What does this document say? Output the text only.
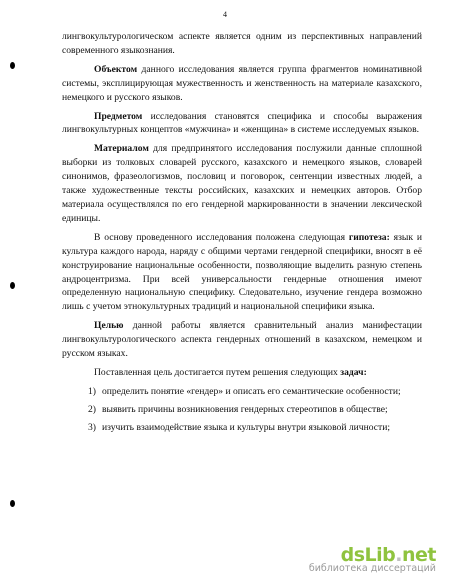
4

лингвокультурологическом аспекте является одним из перспективных направлений современного языкознания.

Объектом данного исследования является группа фрагментов номинативной системы, эксплицирующая мужественность и женственность на материале казахского, немецкого и русского языков.

Предметом исследования становятся специфика и способы выражения лингвокультурных концептов «мужчина» и «женщина» в системе исследуемых языков.

Материалом для предпринятого исследования послужили данные сплошной выборки из толковых словарей русского, казахского и немецкого языков, словарей синонимов, фразеологизмов, пословиц и поговорок, сентенции известных людей, а также художественные тексты российских, казахских и немецких авторов. Отбор материала осуществлялся по его гендерной маркированности в значении лексической единицы.

В основу проведенного исследования положена следующая гипотеза: язык и культура каждого народа, наряду с общими чертами гендерной специфики, вносят в её конструирование национальные особенности, позволяющие выделить разную степень андроцентризма. При всей универсальности гендерные отношения имеют определенную национальную специфику. Следовательно, изучение гендера возможно лишь с учетом этнокультурных традиций и национальной специфики языка.

Целью данной работы является сравнительный анализ манифестации лингвокультурологического аспекта гендерных отношений в казахском, немецком и русском языках.

Поставленная цель достигается путем решения следующих задач:

1) определить понятие «гендер» и описать его семантические особенности;
2) выявить причины возникновения гендерных стереотипов в обществе;
3) изучить взаимодействие языка и культуры внутри языковой личности;
dsLib.net
библиотека диссертаций
